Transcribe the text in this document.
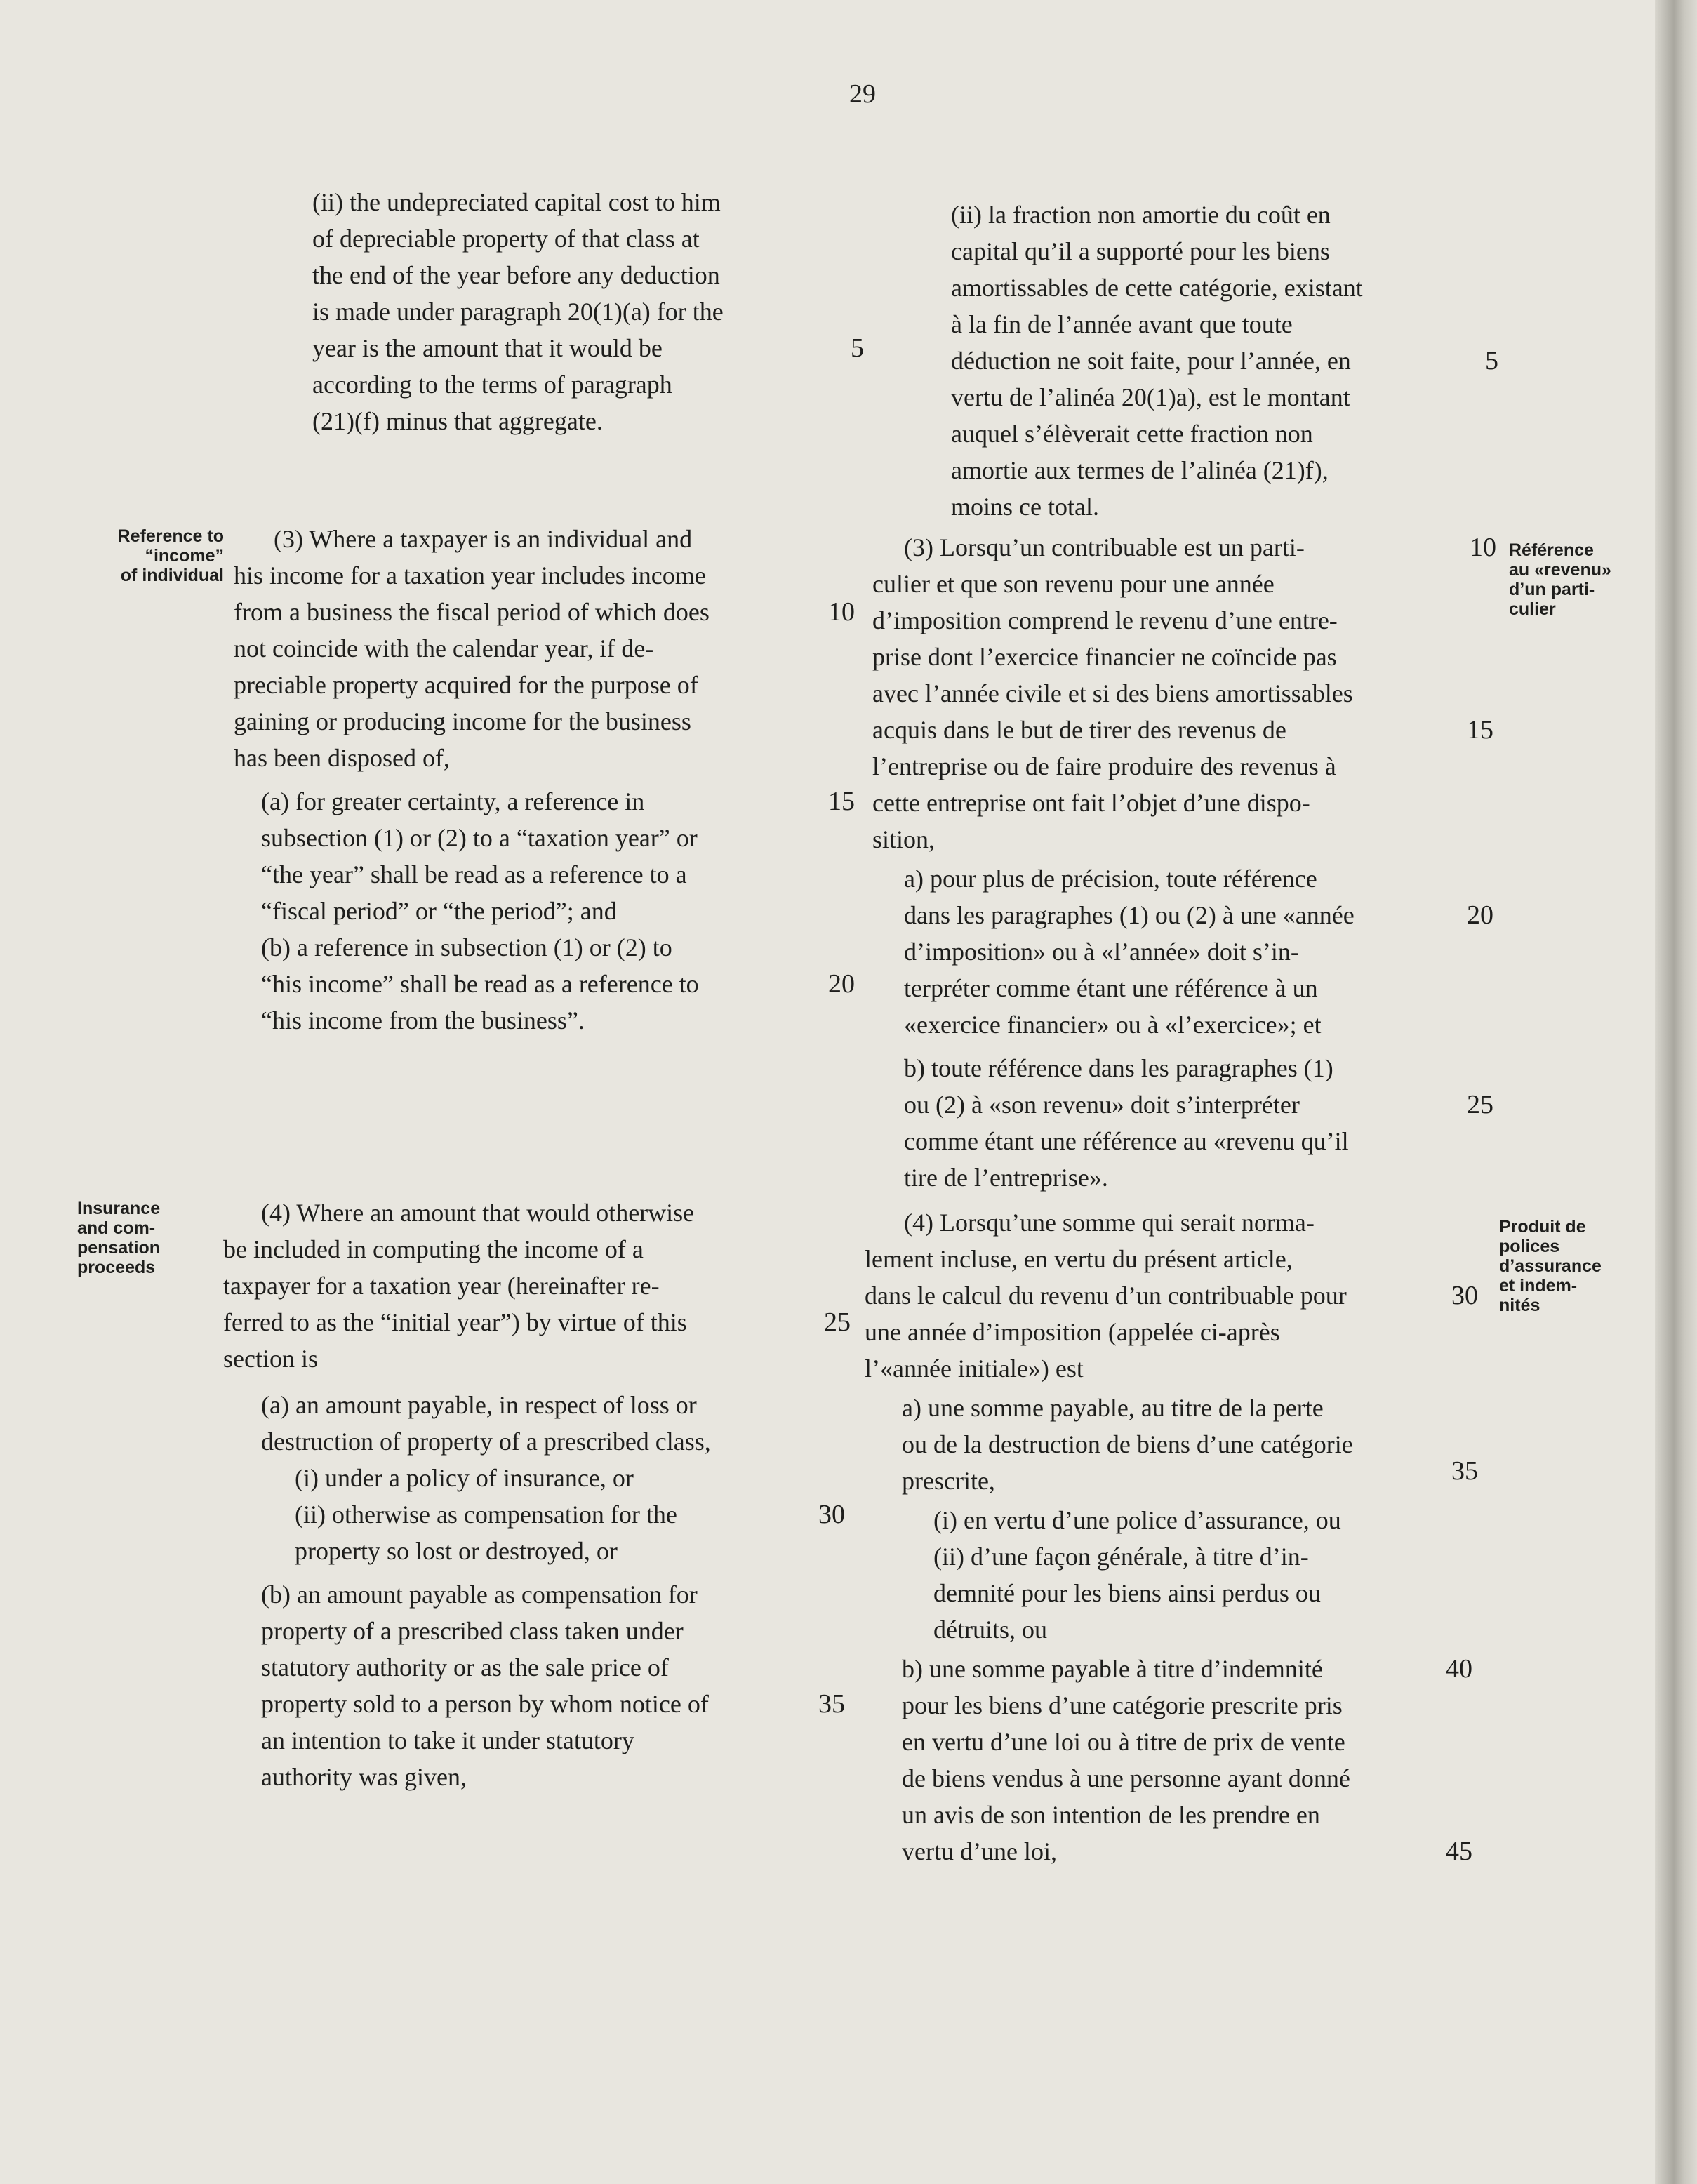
29
Reference to
“income”
of individual
Insurance
and com-
pensation
proceeds
(ii) the undepreciated capital cost to him
of depreciable property of that class at
the end of the year before any deduction
is made under paragraph 20(1)(a) for the
year is the amount that it would be
according to the terms of paragraph
(21)(f) minus that aggregate.
(3) Where a taxpayer is an individual and
his income for a taxation year includes income
from a business the fiscal period of which does
not coincide with the calendar year, if de-
preciable property acquired for the purpose of
gaining or producing income for the business
has been disposed of,
(a) for greater certainty, a reference in
subsection (1) or (2) to a “taxation year” or
“the year” shall be read as a reference to a
“fiscal period” or “the period”; and
(b) a reference in subsection (1) or (2) to
“his income” shall be read as a reference to
“his income from the business”.
(4) Where an amount that would otherwise
be included in computing the income of a
taxpayer for a taxation year (hereinafter re-
ferred to as the “initial year”) by virtue of this
section is
(a) an amount payable, in respect of loss or
destruction of property of a prescribed class,
(i) under a policy of insurance, or
(ii) otherwise as compensation for the
property so lost or destroyed, or
(b) an amount payable as compensation for
property of a prescribed class taken under
statutory authority or as the sale price of
property sold to a person by whom notice of
an intention to take it under statutory
authority was given,
5
10
15
20
25
30
35
Référence
au «revenu»
d’un parti-
culier
Produit de
polices
d’assurance
et indem-
nités
(ii) la fraction non amortie du coût en
capital qu’il a supporté pour les biens
amortissables de cette catégorie, existant
à la fin de l’année avant que toute
déduction ne soit faite, pour l’année, en
vertu de l’alinéa 20(1)a), est le montant
auquel s’élèverait cette fraction non
amortie aux termes de l’alinéa (21)f),
moins ce total.
(3) Lorsqu’un contribuable est un parti-
culier et que son revenu pour une année
d’imposition comprend le revenu d’une entre-
prise dont l’exercice financier ne coïncide pas
avec l’année civile et si des biens amortissables
acquis dans le but de tirer des revenus de
l’entreprise ou de faire produire des revenus à
cette entreprise ont fait l’objet d’une dispo-
sition,
a) pour plus de précision, toute référence
dans les paragraphes (1) ou (2) à une «année
d’imposition» ou à «l’année» doit s’in-
terpréter comme étant une référence à un
«exercice financier» ou à «l’exercice»; et
b) toute référence dans les paragraphes (1)
ou (2) à «son revenu» doit s’interpréter
comme étant une référence au «revenu qu’il
tire de l’entreprise».
(4) Lorsqu’une somme qui serait norma-
lement incluse, en vertu du présent article,
dans le calcul du revenu d’un contribuable pour
une année d’imposition (appelée ci-après
l’«année initiale») est
a) une somme payable, au titre de la perte
ou de la destruction de biens d’une catégorie
prescrite,
(i) en vertu d’une police d’assurance, ou
(ii) d’une façon générale, à titre d’in-
demnité pour les biens ainsi perdus ou
détruits, ou
b) une somme payable à titre d’indemnité
pour les biens d’une catégorie prescrite pris
en vertu d’une loi ou à titre de prix de vente
de biens vendus à une personne ayant donné
un avis de son intention de les prendre en
vertu d’une loi,
5
10
15
20
25
30
35
40
45
